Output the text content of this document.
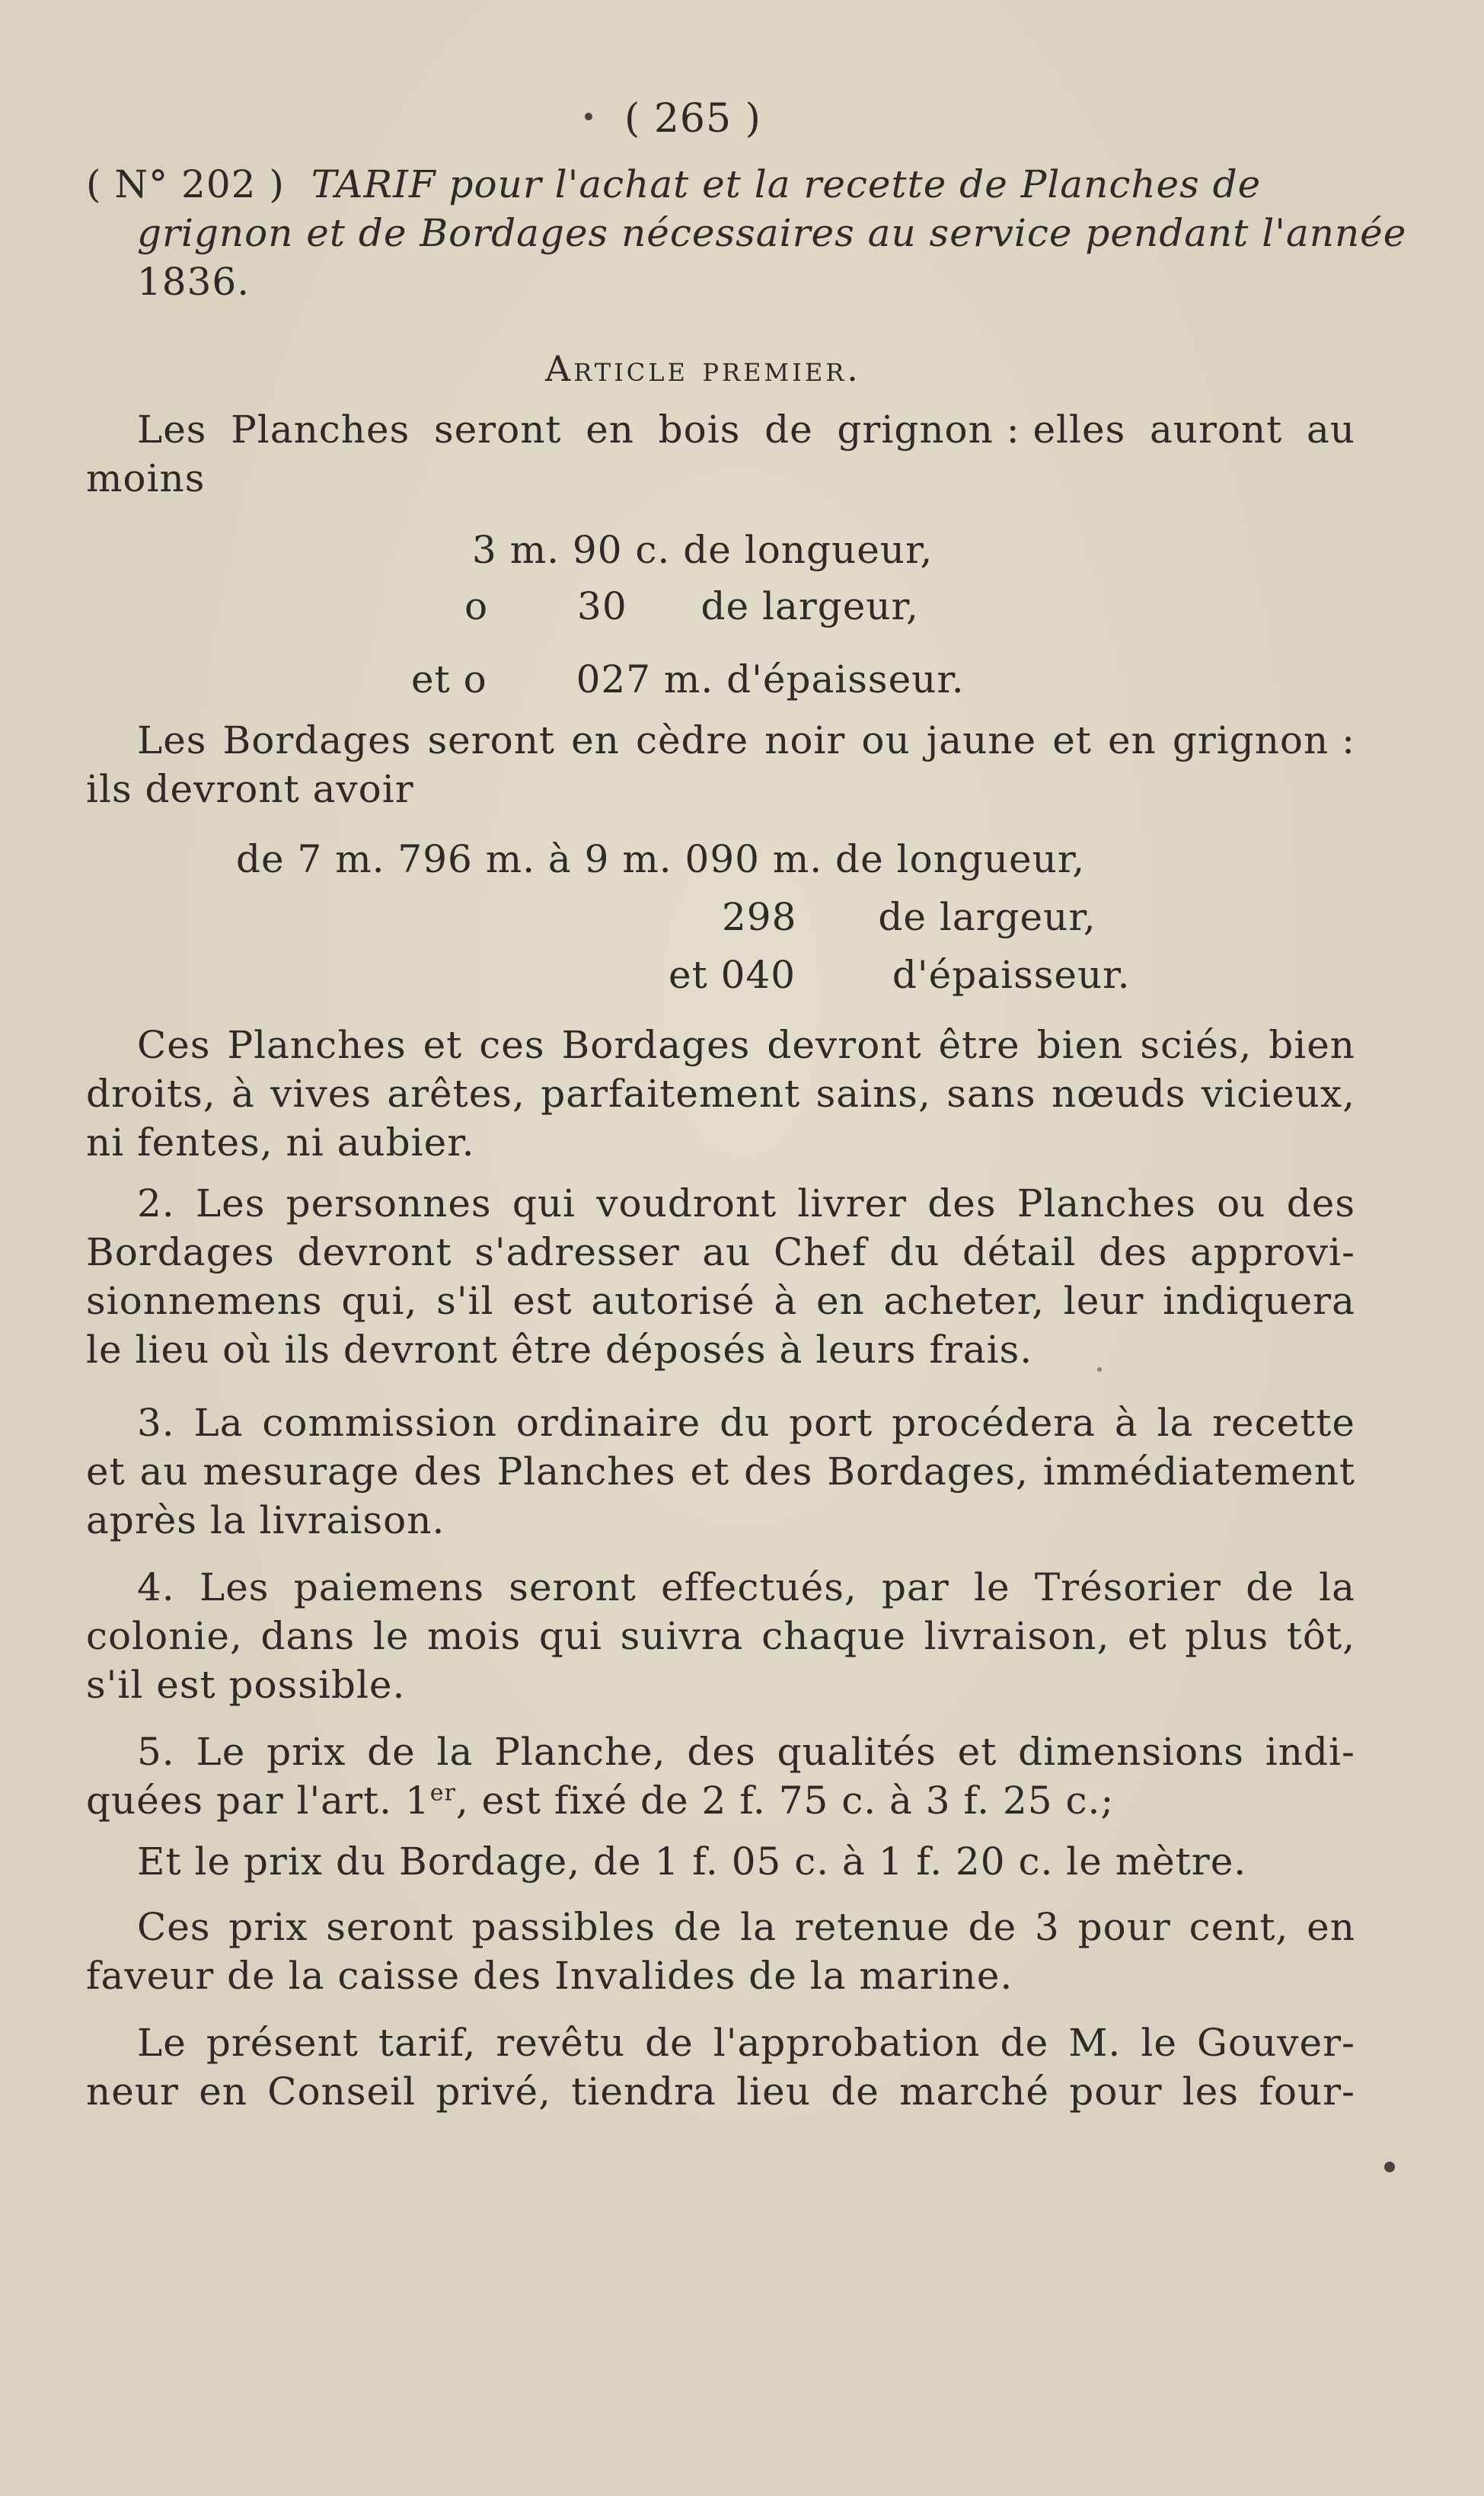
( 265 )
( N° 202 ) TARIF pour l'achat et la recette de Planches de
grignon et de Bordages nécessaires au service pendant l'année
1836.
Article premier.
Les Planches seront en bois de grignon : elles auront au
moins
3 m. 90 c. de longueur,
o 30 de largeur,
et o 027 m. d'épaisseur.
Les Bordages seront en cèdre noir ou jaune et en grignon :
ils devront avoir
de 7 m. 796 m. à 9 m. 090 m. de longueur,
298 de largeur,
et 040	d'épaisseur.
Ces Planches et ces Bordages devront être bien sciés, bien
droits, à vives arêtes, parfaitement sains, sans nœuds vicieux,
ni fentes, ni aubier.
2. Les personnes qui voudront livrer des Planches ou des
Bordages devront s'adresser au Chef du détail des approvi-
sionnemens qui, s'il est autorisé à en acheter, leur indiquera
le lieu où ils devront être déposés à leurs frais.
3. La commission ordinaire du port procédera à la recette
et au mesurage des Planches et des Bordages, immédiatement
après la livraison.
4. Les paiemens seront effectués, par le Trésorier de la
colonie, dans le mois qui suivra chaque livraison, et plus tôt,
s'il est possible.
5. Le prix de la Planche, des qualités et dimensions indi-
quées par l'art. 1er, est fixé de 2 f. 75 c. à 3 f. 25 c.;
Et le prix du Bordage, de 1 f. 05 c. à 1 f. 20 c. le mètre.
Ces prix seront passibles de la retenue de 3 pour cent, en
faveur de la caisse des Invalides de la marine.
Le présent tarif, revêtu de l'approbation de M. le Gouver-
neur en Conseil privé, tiendra lieu de marché pour les four-
